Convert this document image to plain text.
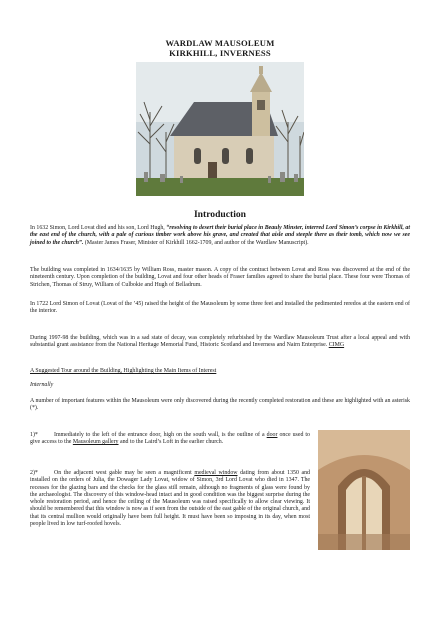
WARDLAW MAUSOLEUM
KIRKHILL, INVERNESS
Introduction

In 1632 Simon, Lord Lovat died and his son, Lord Hugh, “resolving to desert their burial place in Beauly Minster, interred Lord Simon’s corpse in Kirkhill, at the east end of the church, with a pale of curious timber work above his grave, and created that aisle and steeple there as their tomb, which now we see joined to the church”. (Master James Fraser, Minister of Kirkhill 1662-1709, and author of the Wardlaw Manuscript).

The building was completed in 1634/1635 by William Ross, master mason. A copy of the contract between Lovat and Ross was discovered at the end of the nineteenth century. Upon completion of the building, Lovat and four other heads of Fraser families agreed to share the burial place. These four were Thomas of Strichen, Thomas of Struy, William of Culbokie and Hugh of Belladrum.

In 1722 Lord Simon of Lovat (Lovat of the ’45) raised the height of the Mausoleum by some three feet and installed the pedimented reredos at the eastern end of the interior.

During 1997-98 the building, which was in a sad state of decay, was completely refurbished by the Wardlaw Mausoleum Trust after a local appeal and with substantial grant assistance from the National Heritage Memorial Fund, Historic Scotland and Inverness and Nairn Enterprise. CIMG

A Suggested Tour around the Building, Highlighting the Main Items of Interest

Internally

A number of important features within the Mausoleum were only discovered during the recently completed restoration and these are highlighted with an asterisk (*).

1)*	Immediately to the left of the entrance door, high on the south wall, is the outline of a door once used to give access to the Mausoleum gallery and to the Laird’s Loft in the earlier church.

2)*	On the adjacent west gable may be seen a magnificent medieval window dating from about 1350 and installed on the orders of Julia, the Dowager Lady Lovat, widow of Simon, 3rd Lord Lovat who died in 1347. The recesses for the glazing bars and the checks for the glass still remain, although no fragments of glass were found by the archaeologist. The discovery of this window-head intact and in good condition was the biggest surprise during the whole restoration period, and hence the ceiling of the Mausoleum was raised specifically to allow clear viewing. It should be remembered that this window is now as if seen from the outside of the east gable of the original church, and that its central mullion would originally have been full height. It must have been so imposing in its day, when most people lived in low turf-roofed hovels.
